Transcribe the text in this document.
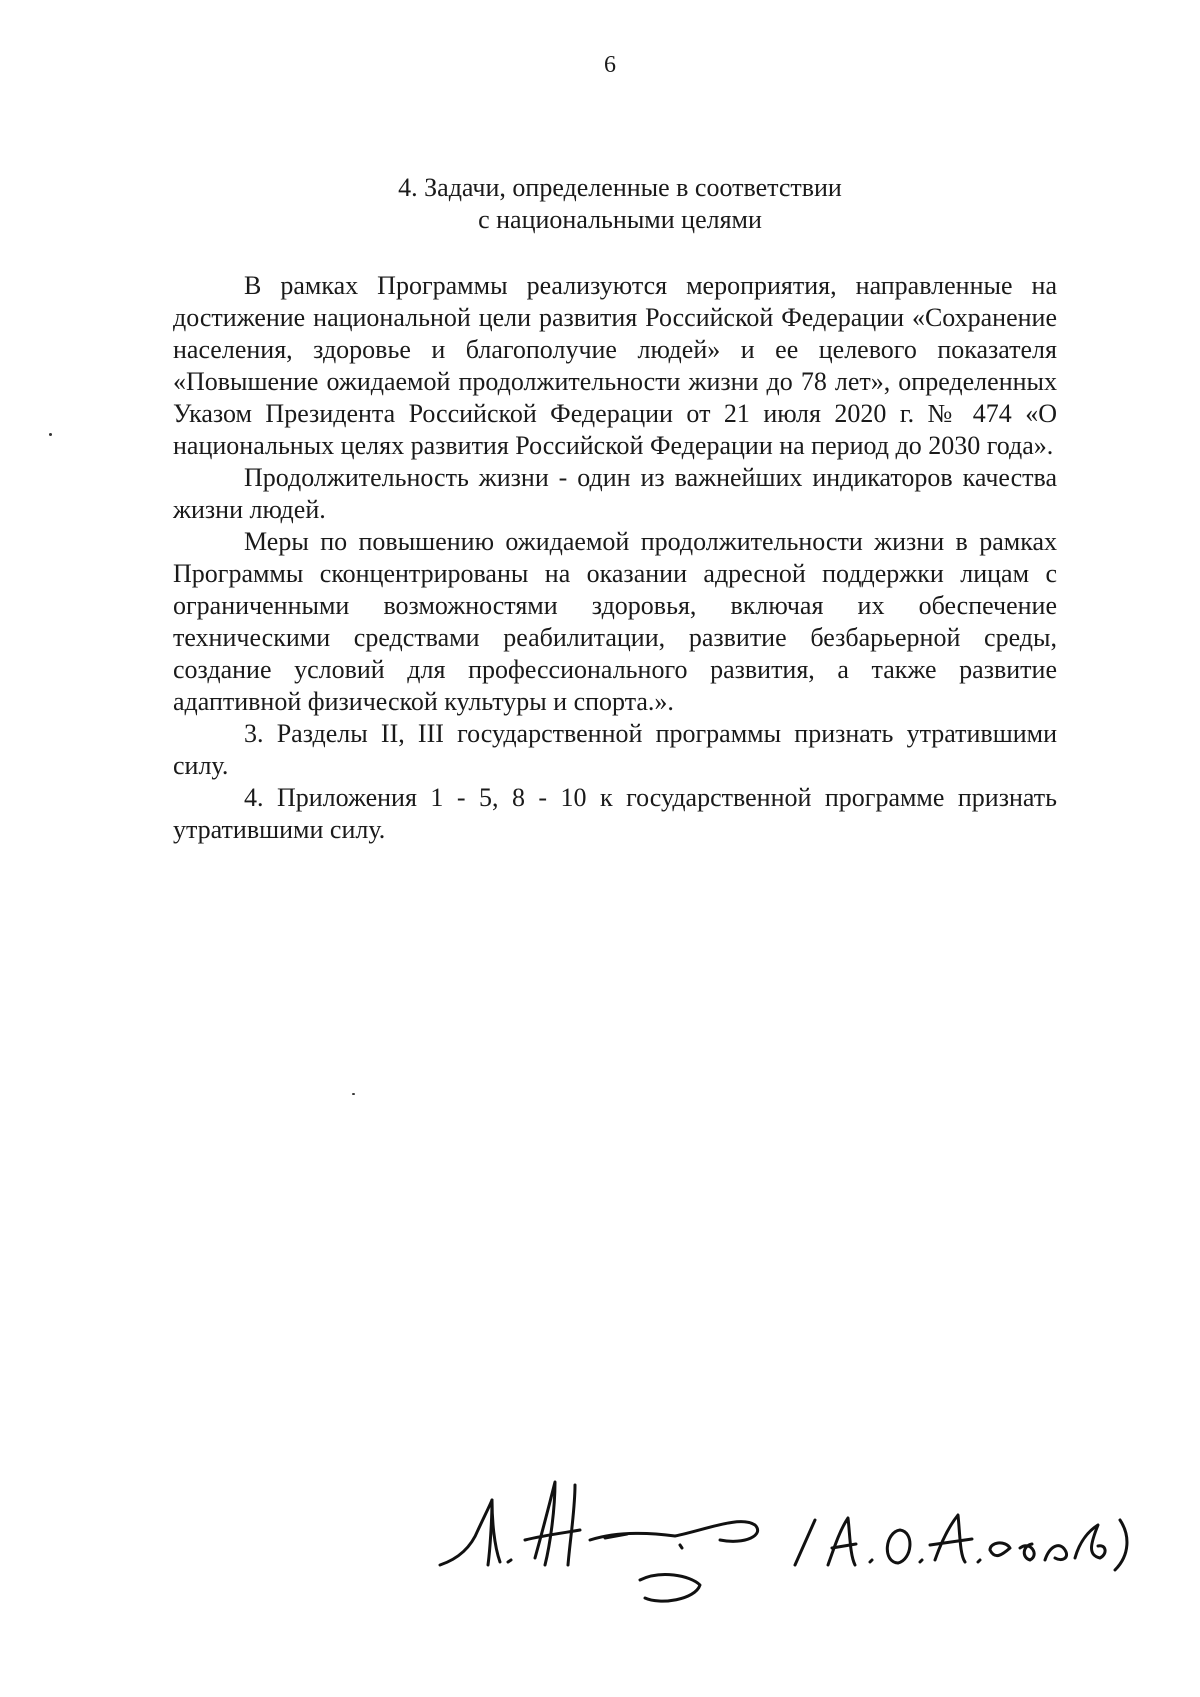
6
4. Задачи, определенные в соответствии
с национальными целями

В рамках Программы реализуются мероприятия, направленные на достижение национальной цели развития Российской Федерации «Сохранение населения, здоровье и благополучие людей» и ее целевого показателя «Повышение ожидаемой продолжительности жизни до 78 лет», определенных Указом Президента Российской Федерации от 21 июля 2020 г. № 474 «О национальных целях развития Российской Федерации на период до 2030 года».

Продолжительность жизни - один из важнейших индикаторов качества жизни людей.

Меры по повышению ожидаемой продолжительности жизни в рамках Программы сконцентрированы на оказании адресной поддержки лицам с ограниченными возможностями здоровья, включая их обеспечение техническими средствами реабилитации, развитие безбарьерной среды, создание условий для профессионального развития, а также развитие адаптивной физической культуры и спорта.».

3. Разделы II, III государственной программы признать утратившими силу.

4. Приложения 1 - 5, 8 - 10 к государственной программе признать утратившими силу.
